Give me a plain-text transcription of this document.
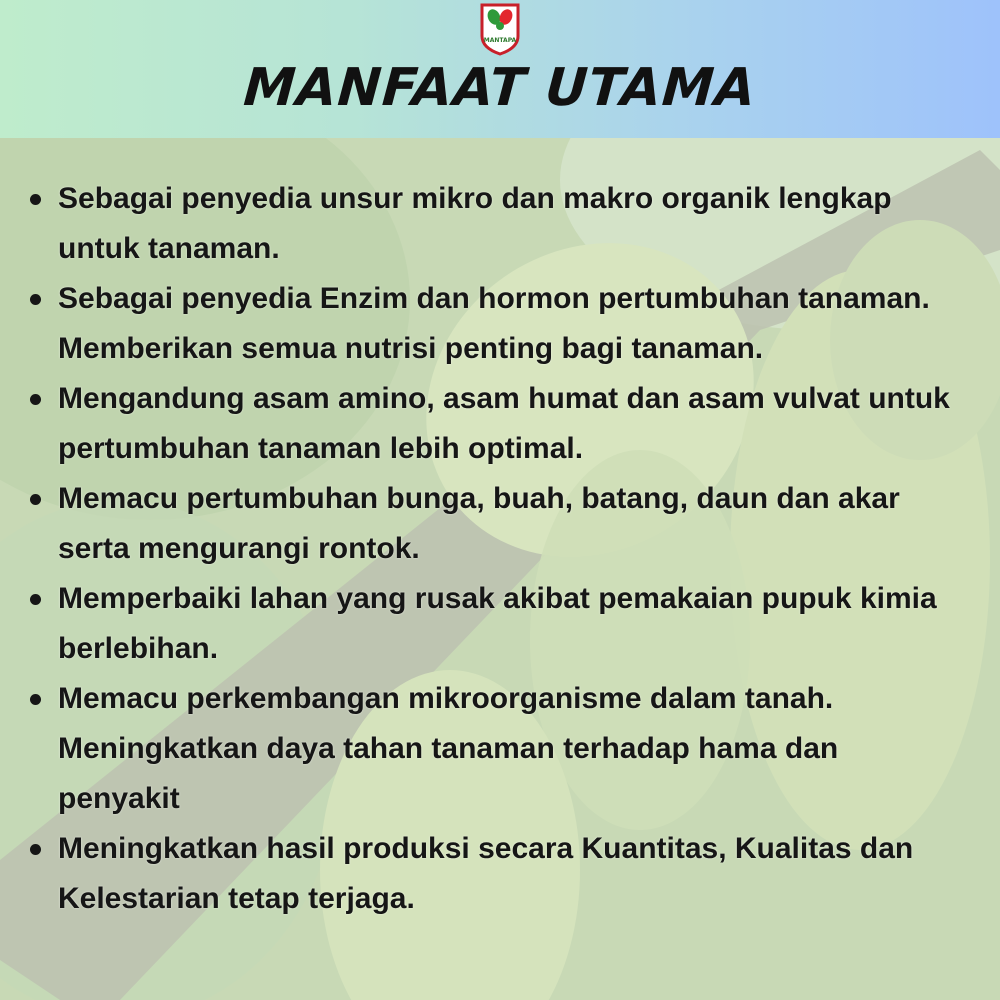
MANTAPA
MANFAAT UTAMA
Sebagai penyedia unsur mikro dan makro organik lengkap untuk tanaman.
Sebagai penyedia Enzim dan hormon pertumbuhan tanaman. Memberikan semua nutrisi penting bagi tanaman.
Mengandung asam amino, asam humat dan asam vulvat untuk pertumbuhan tanaman lebih optimal.
Memacu pertumbuhan bunga, buah, batang, daun dan akar serta mengurangi rontok.
Memperbaiki lahan yang rusak akibat pemakaian pupuk kimia berlebihan.
Memacu perkembangan mikroorganisme dalam tanah. Meningkatkan daya tahan tanaman terhadap hama dan penyakit
Meningkatkan hasil produksi secara Kuantitas, Kualitas dan Kelestarian tetap terjaga.
